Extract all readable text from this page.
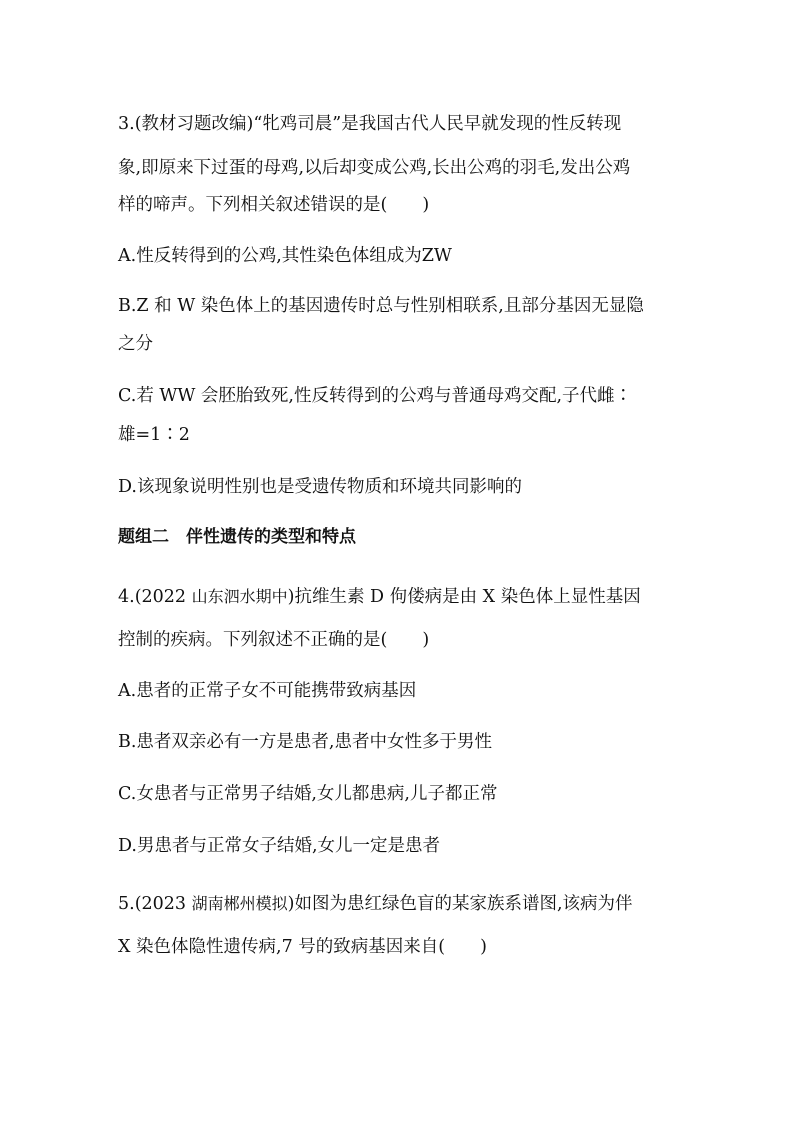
3.(教材习题改编)“牝鸡司晨”是我国古代人民早就发现的性反转现
象,即原来下过蛋的母鸡,以后却变成公鸡,长出公鸡的羽毛,发出公鸡
样的啼声。下列相关叙述错误的是(　　)
A.性反转得到的公鸡,其性染色体组成为ZW
B.Z 和 W 染色体上的基因遗传时总与性别相联系,且部分基因无显隐
之分
C.若 WW 会胚胎致死,性反转得到的公鸡与普通母鸡交配,子代雌∶
雄=1∶2
D.该现象说明性别也是受遗传物质和环境共同影响的
题组二　伴性遗传的类型和特点
4.(2022 山东泗水期中)抗维生素 D 佝偻病是由 X 染色体上显性基因
控制的疾病。下列叙述不正确的是(　　)
A.患者的正常子女不可能携带致病基因
B.患者双亲必有一方是患者,患者中女性多于男性
C.女患者与正常男子结婚,女儿都患病,儿子都正常
D.男患者与正常女子结婚,女儿一定是患者
5.(2023 湖南郴州模拟)如图为患红绿色盲的某家族系谱图,该病为伴
X 染色体隐性遗传病,7 号的致病基因来自(　　)
